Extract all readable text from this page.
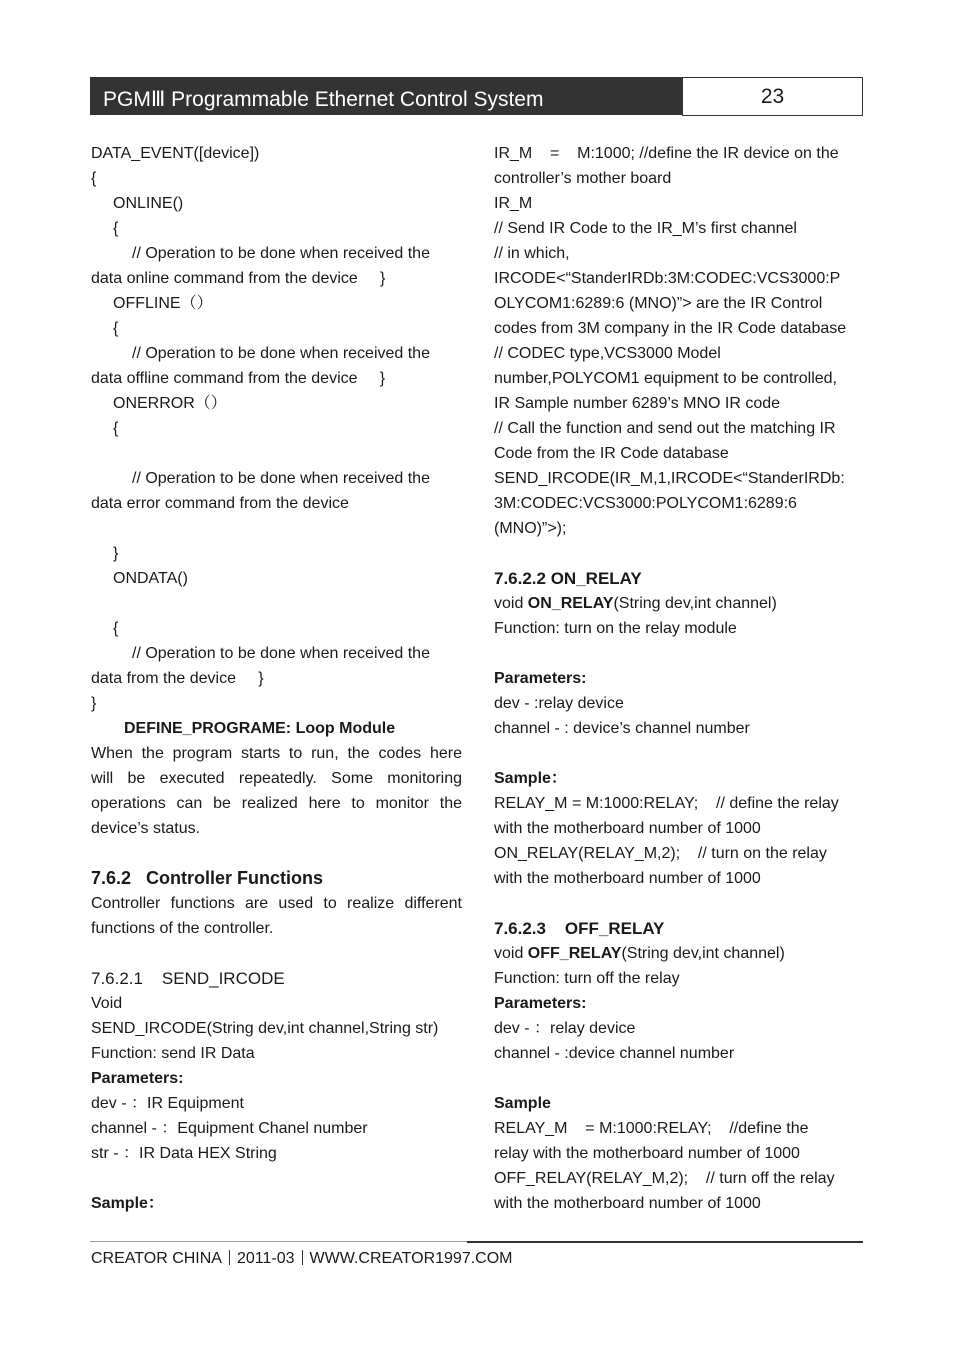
PGMⅢ Programmable Ethernet Control System	23
DATA_EVENT([device])
{
ONLINE()
{
// Operation to be done when received the
data online command from the device     }
OFFLINE（）
{
// Operation to be done when received the
data offline command from the device     }
ONERROR（）
{
// Operation to be done when received the
data error command from the device
}
ONDATA()
{
// Operation to be done when received the
data from the device     }
}
DEFINE_PROGRAME: Loop Module
When the program starts to run, the codes here
will be executed repeatedly. Some monitoring
operations can be realized here to monitor the
device’s status.
7.6.2   Controller Functions
Controller functions are used to realize different
functions of the controller.
7.6.2.1    SEND_IRCODE
Void
SEND_IRCODE(String dev,int channel,String str)
Function: send IR Data
Parameters:
dev - ：IR Equipment
channel - ：Equipment Chanel number
str - ：IR Data HEX String
Sample：
IR_M    =    M:1000; //define the IR device on the
controller’s mother board
IR_M
// Send IR Code to the IR_M’s first channel
// in which,
IRCODE<“StanderIRDb:3M:CODEC:VCS3000:P
OLYCOM1:6289:6 (MNO)”> are the IR Control
codes from 3M company in the IR Code database
// CODEC type,VCS3000 Model
number,POLYCOM1 equipment to be controlled,
IR Sample number 6289’s MNO IR code
// Call the function and send out the matching IR
Code from the IR Code database
SEND_IRCODE(IR_M,1,IRCODE<“StanderIRDb:
3M:CODEC:VCS3000:POLYCOM1:6289:6
(MNO)”>);
7.6.2.2 ON_RELAY
void ON_RELAY(String dev,int channel)
Function: turn on the relay module
Parameters:
dev - :relay device
channel - : device’s channel number
Sample：
RELAY_M = M:1000:RELAY;    // define the relay
with the motherboard number of 1000
ON_RELAY(RELAY_M,2);    // turn on the relay
with the motherboard number of 1000
7.6.2.3    OFF_RELAY
void OFF_RELAY(String dev,int channel)
Function: turn off the relay
Parameters:
dev - ：relay device
channel - :device channel number
Sample
RELAY_M    = M:1000:RELAY;    //define the
relay with the motherboard number of 1000
OFF_RELAY(RELAY_M,2);    // turn off the relay
with the motherboard number of 1000
CREATOR CHINA 2011-03 WWW.CREATOR1997.COM
